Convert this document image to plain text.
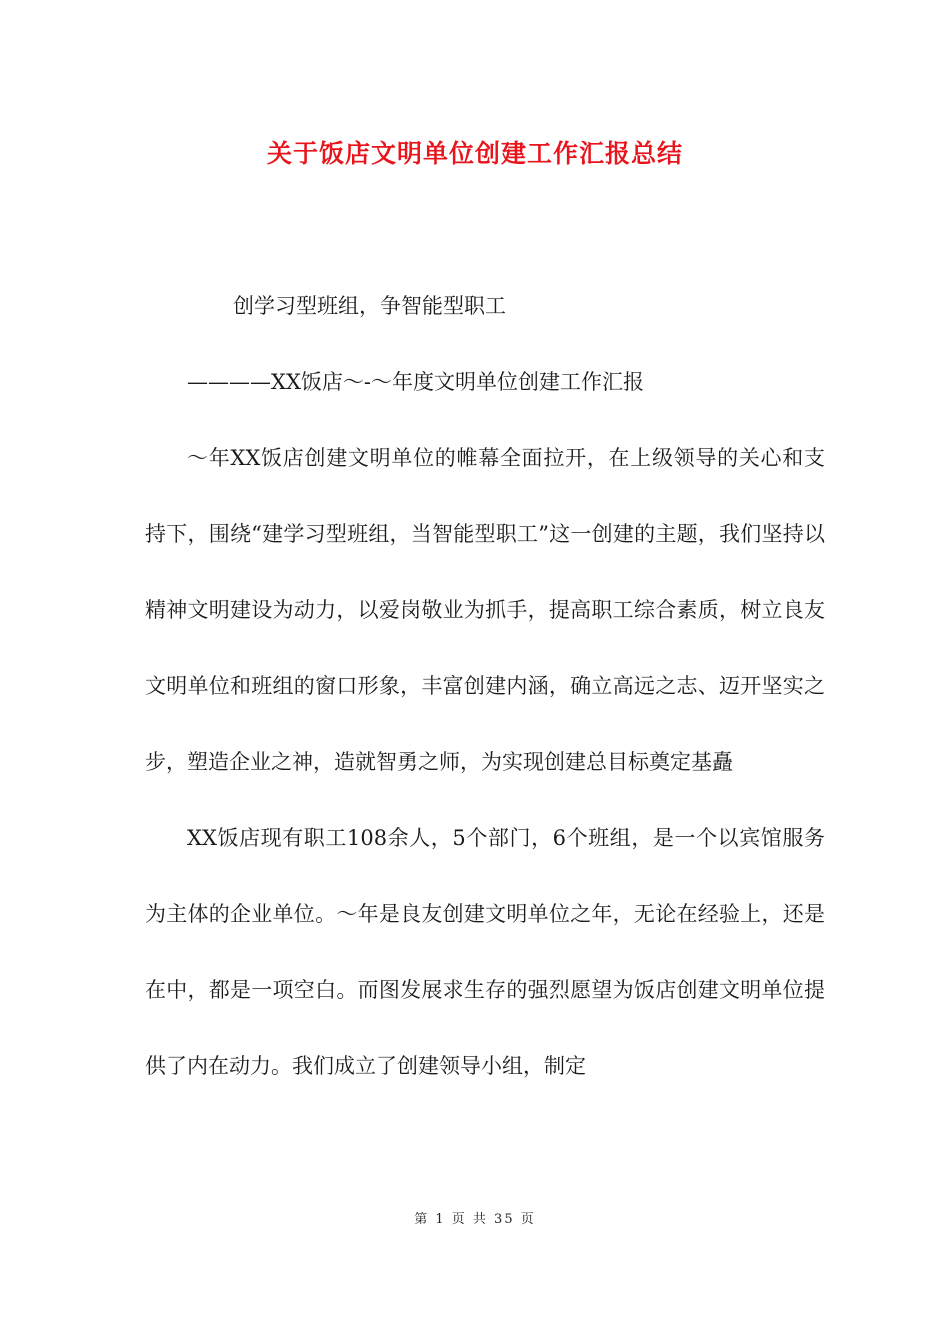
关于饭店文明单位创建工作汇报总结

创学习型班组，争智能型职工

————XX饭店～-～年度文明单位创建工作汇报

～年XX饭店创建文明单位的帷幕全面拉开，在上级领导的关心和支持下，围绕“建学习型班组，当智能型职工”这一创建的主题，我们坚持以精神文明建设为动力，以爱岗敬业为抓手，提高职工综合素质，树立良友文明单位和班组的窗口形象，丰富创建内涵，确立高远之志、迈开坚实之步，塑造企业之神，造就智勇之师，为实现创建总目标奠定基矗

XX饭店现有职工108余人，5个部门，6个班组，是一个以宾馆服务为主体的企业单位。～年是良友创建文明单位之年，无论在经验上，还是在中，都是一项空白。而图发展求生存的强烈愿望为饭店创建文明单位提供了内在动力。我们成立了创建领导小组，制定

第 1 页 共 35 页
